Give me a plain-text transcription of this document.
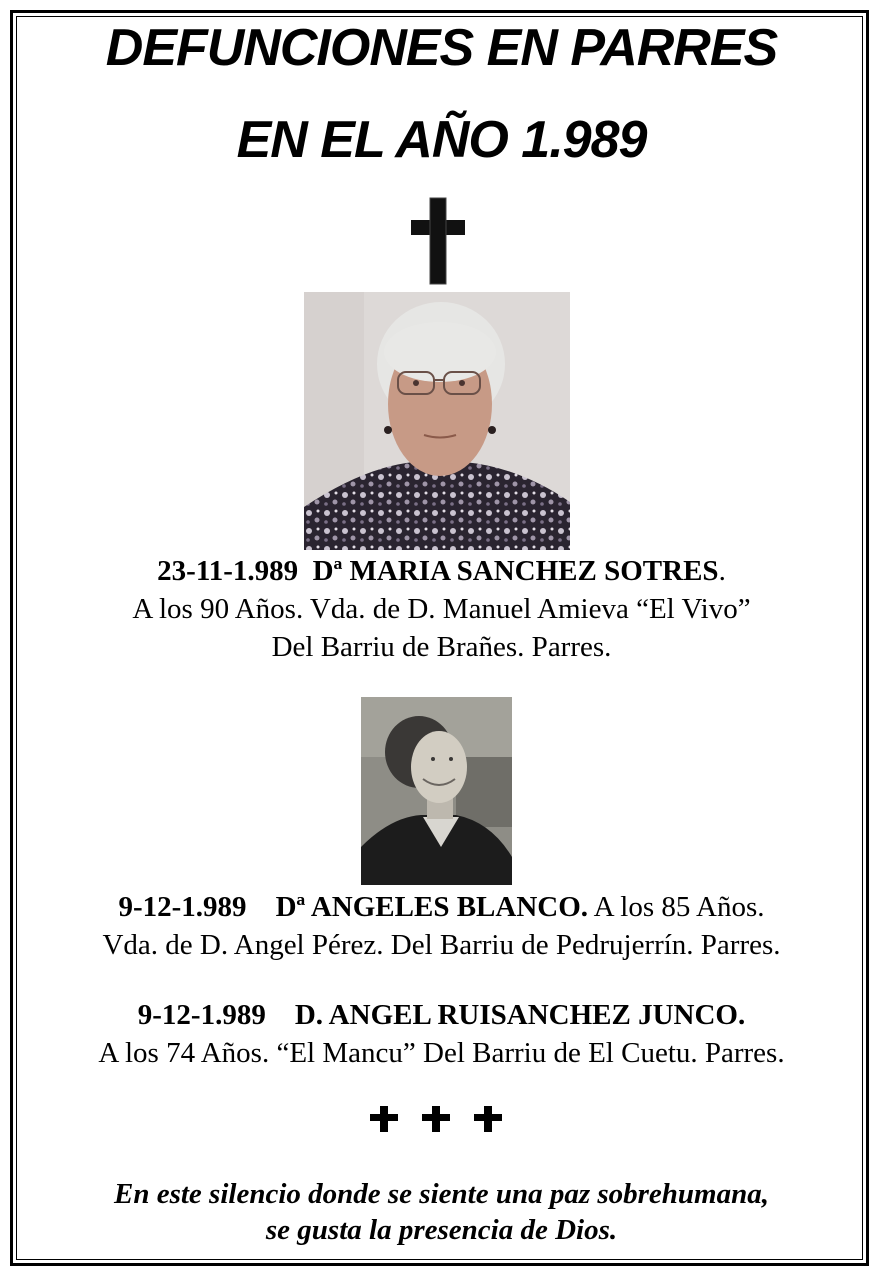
DEFUNCIONES EN PARRES
EN EL AÑO 1.989
23-11-1.989 Dª MARIA SANCHEZ SOTRES.
A los 90 Años. Vda. de D. Manuel Amieva “El Vivo”
Del Barriu de Brañes. Parres.
9-12-1.989 Dª ANGELES BLANCO. A los 85 Años.
Vda. de D. Angel Pérez. Del Barriu de Pedrujerrín. Parres.
9-12-1.989 D. ANGEL RUISANCHEZ JUNCO.
A los 74 Años. “El Mancu” Del Barriu de El Cuetu. Parres.
En este silencio donde se siente una paz sobrehumana,
se gusta la presencia de Dios.
